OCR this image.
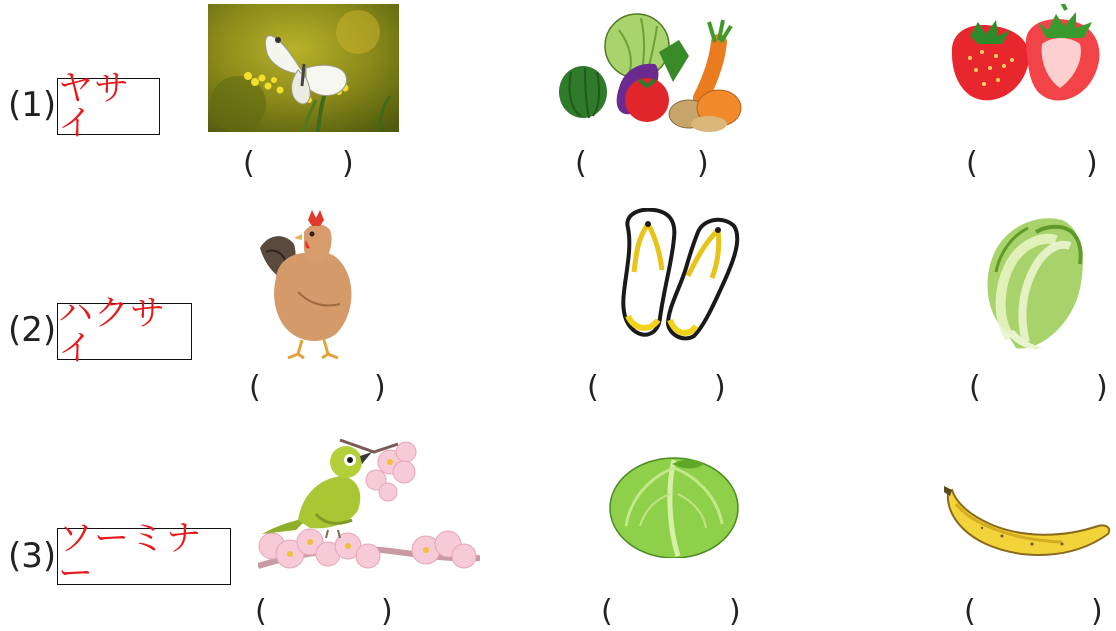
(1) ヤサイ
(	)	(	)	(	)
(2) ハクサイ
(	)	(	)	(	)
(3) ソーミナー
(	)	(	)	(	)
